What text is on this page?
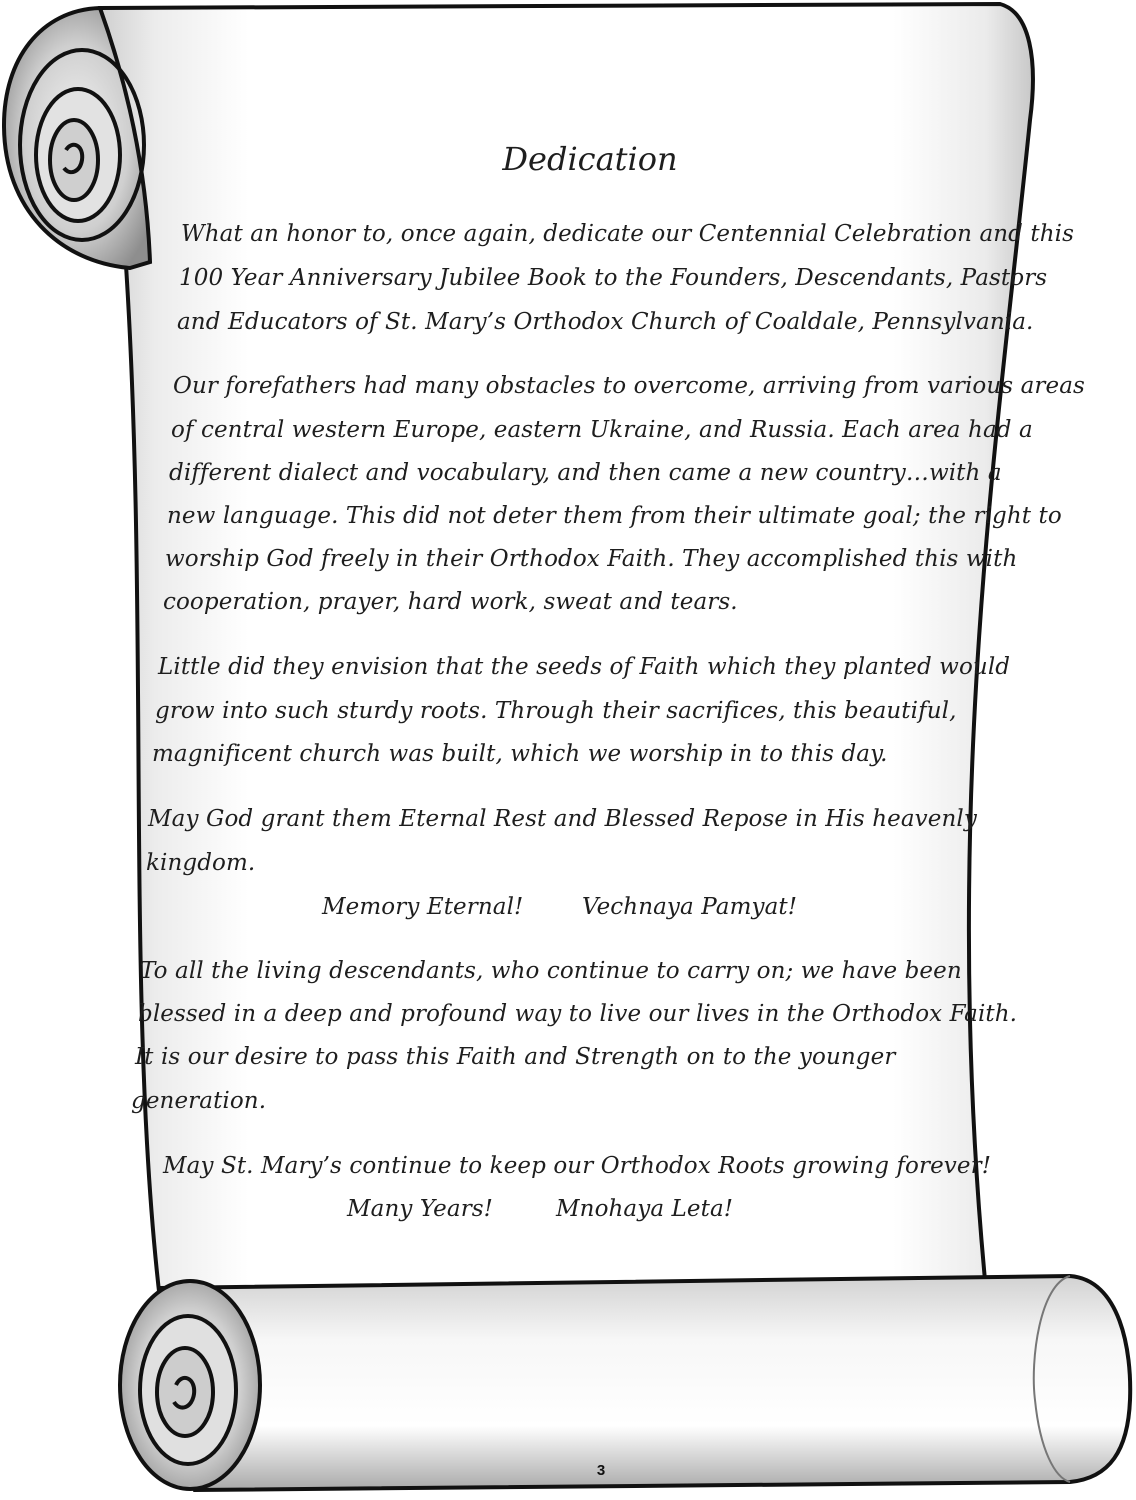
Dedication

What an honor to, once again, dedicate our Centennial Celebration and this

100 Year Anniversary Jubilee Book to the Founders, Descendants, Pastors

and Educators of St. Mary’s Orthodox Church of Coaldale, Pennsylvania.

Our forefathers had many obstacles to overcome, arriving from various areas

of central western Europe, eastern Ukraine, and Russia. Each area had a

different dialect and vocabulary, and then came a new country…with a

new language. This did not deter them from their ultimate goal; the right to

worship God freely in their Orthodox Faith. They accomplished this with

cooperation, prayer, hard work, sweat and tears.

Little did they envision that the seeds of Faith which they planted would

grow into such sturdy roots. Through their sacrifices, this beautiful,

magnificent church was built, which we worship in to this day.

May God grant them Eternal Rest and Blessed Repose in His heavenly

kingdom.

Memory Eternal!	Vechnaya Pamyat!

To all the living descendants, who continue to carry on; we have been

blessed in a deep and profound way to live our lives in the Orthodox Faith.

It is our desire to pass this Faith and Strength on to the younger

generation.

May St. Mary’s continue to keep our Orthodox Roots growing forever!

Many Years!	Mnohaya Leta!

3
